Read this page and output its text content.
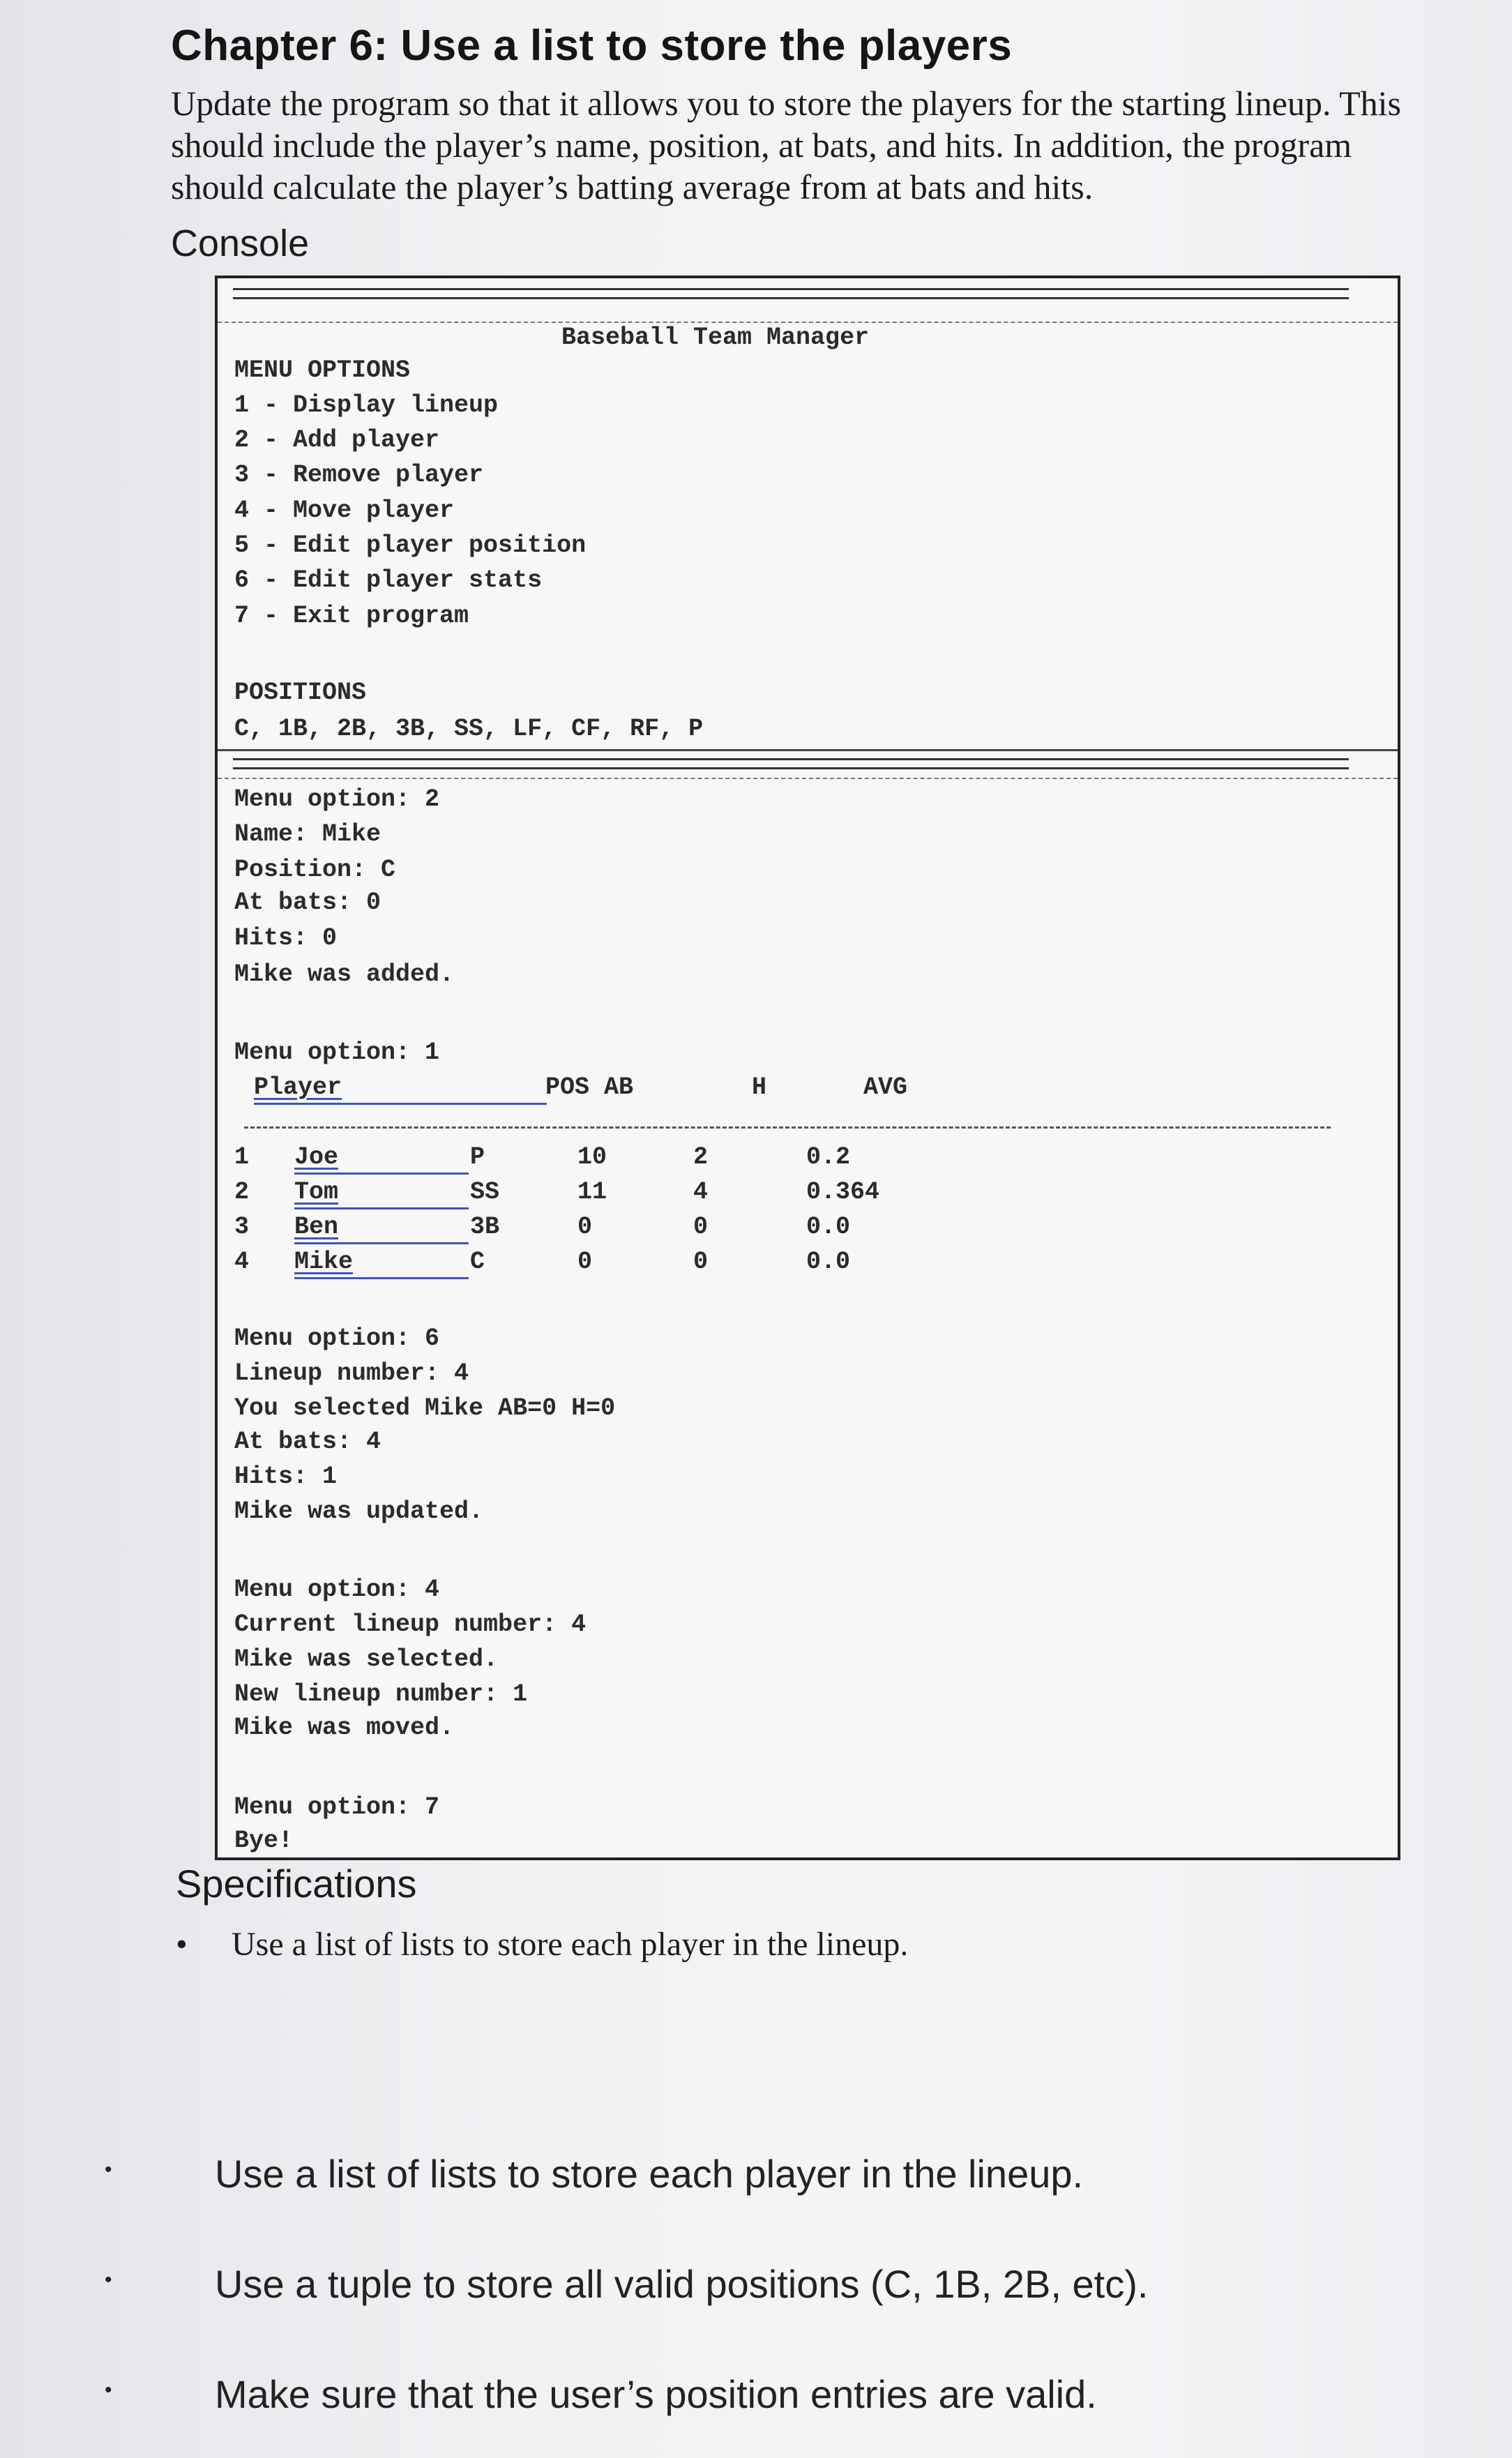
Chapter 6: Use a list to store the players
Update the program so that it allows you to store the players for the starting lineup. This should include the player’s name, position, at bats, and hits. In addition, the program should calculate the player’s batting average from at bats and hits.
Console
Baseball Team Manager
MENU OPTIONS
1 - Display lineup
2 - Add player
3 - Remove player
4 - Move player
5 - Edit player position
6 - Edit player stats
7 - Exit program
POSITIONS
C, 1B, 2B, 3B, SS, LF, CF, RF, P
Menu option: 2
Name: Mike
Position: C
At bats: 0
Hits: 0
Mike was added.
Menu option: 1
Player	POS AB	H	AVG
1 Joe	P	10	2	0.2
2 Tom	SS	11	4	0.364
3 Ben	3B	0	0	0.0
4 Mike	C	0	0	0.0
Menu option: 6
Lineup number: 4
You selected Mike AB=0 H=0
At bats: 4
Hits: 1
Mike was updated.
Menu option: 4
Current lineup number: 4
Mike was selected.
New lineup number: 1
Mike was moved.
Menu option: 7
Bye!
Specifications
• Use a list of lists to store each player in the lineup.
•	Use a list of lists to store each player in the lineup.
•	Use a tuple to store all valid positions (C, 1B, 2B, etc).
•	Make sure that the user’s position entries are valid.
